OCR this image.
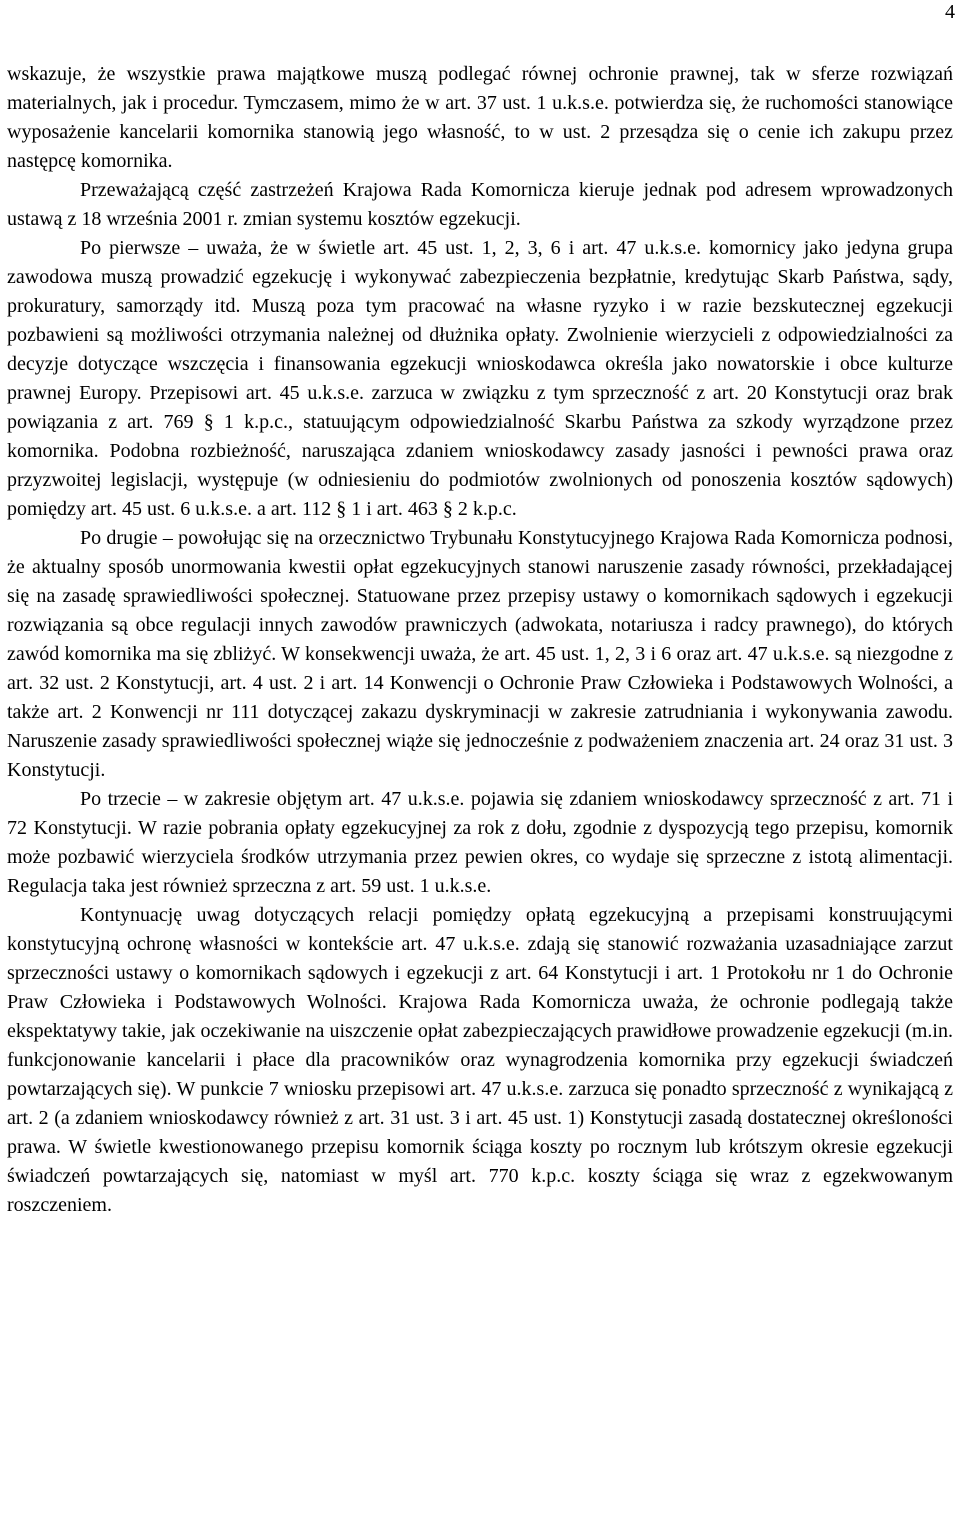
4

wskazuje, że wszystkie prawa majątkowe muszą podlegać równej ochronie prawnej, tak w sferze rozwiązań materialnych, jak i procedur. Tymczasem, mimo że w art. 37 ust. 1 u.k.s.e. potwierdza się, że ruchomości stanowiące wyposażenie kancelarii komornika stanowią jego własność, to w ust. 2 przesądza się o cenie ich zakupu przez następcę komornika.

Przeważającą część zastrzeżeń Krajowa Rada Komornicza kieruje jednak pod adresem wprowadzonych ustawą z 18 września 2001 r. zmian systemu kosztów egzekucji.

Po pierwsze – uważa, że w świetle art. 45 ust. 1, 2, 3, 6 i art. 47 u.k.s.e. komornicy jako jedyna grupa zawodowa muszą prowadzić egzekucję i wykonywać zabezpieczenia bezpłatnie, kredytując Skarb Państwa, sądy, prokuratury, samorządy itd. Muszą poza tym pracować na własne ryzyko i w razie bezskutecznej egzekucji pozbawieni są możliwości otrzymania należnej od dłużnika opłaty. Zwolnienie wierzycieli z odpowiedzialności za decyzje dotyczące wszczęcia i finansowania egzekucji wnioskodawca określa jako nowatorskie i obce kulturze prawnej Europy. Przepisowi art. 45 u.k.s.e. zarzuca w związku z tym sprzeczność z art. 20 Konstytucji oraz brak powiązania z art. 769 § 1 k.p.c., statuującym odpowiedzialność Skarbu Państwa za szkody wyrządzone przez komornika. Podobna rozbieżność, naruszająca zdaniem wnioskodawcy zasady jasności i pewności prawa oraz przyzwoitej legislacji, występuje (w odniesieniu do podmiotów zwolnionych od ponoszenia kosztów sądowych) pomiędzy art. 45 ust. 6 u.k.s.e. a art. 112 § 1 i art. 463 § 2 k.p.c.

Po drugie – powołując się na orzecznictwo Trybunału Konstytucyjnego Krajowa Rada Komornicza podnosi, że aktualny sposób unormowania kwestii opłat egzekucyjnych stanowi naruszenie zasady równości, przekładającej się na zasadę sprawiedliwości społecznej. Statuowane przez przepisy ustawy o komornikach sądowych i egzekucji rozwiązania są obce regulacji innych zawodów prawniczych (adwokata, notariusza i radcy prawnego), do których zawód komornika ma się zbliżyć. W konsekwencji uważa, że art. 45 ust. 1, 2, 3 i 6 oraz art. 47 u.k.s.e. są niezgodne z art. 32 ust. 2 Konstytucji, art. 4 ust. 2 i art. 14 Konwencji o Ochronie Praw Człowieka i Podstawowych Wolności, a także art. 2 Konwencji nr 111 dotyczącej zakazu dyskryminacji w zakresie zatrudniania i wykonywania zawodu. Naruszenie zasady sprawiedliwości społecznej wiąże się jednocześnie z podważeniem znaczenia art. 24 oraz 31 ust. 3 Konstytucji.

Po trzecie – w zakresie objętym art. 47 u.k.s.e. pojawia się zdaniem wnioskodawcy sprzeczność z art. 71 i 72 Konstytucji. W razie pobrania opłaty egzekucyjnej za rok z dołu, zgodnie z dyspozycją tego przepisu, komornik może pozbawić wierzyciela środków utrzymania przez pewien okres, co wydaje się sprzeczne z istotą alimentacji. Regulacja taka jest również sprzeczna z art. 59 ust. 1 u.k.s.e.

Kontynuację uwag dotyczących relacji pomiędzy opłatą egzekucyjną a przepisami konstruującymi konstytucyjną ochronę własności w kontekście art. 47 u.k.s.e. zdają się stanowić rozważania uzasadniające zarzut sprzeczności ustawy o komornikach sądowych i egzekucji z art. 64 Konstytucji i art. 1 Protokołu nr 1 do Ochronie Praw Człowieka i Podstawowych Wolności. Krajowa Rada Komornicza uważa, że ochronie podlegają także ekspektatywy takie, jak oczekiwanie na uiszczenie opłat zabezpieczających prawidłowe prowadzenie egzekucji (m.in. funkcjonowanie kancelarii i płace dla pracowników oraz wynagrodzenia komornika przy egzekucji świadczeń powtarzających się). W punkcie 7 wniosku przepisowi art. 47 u.k.s.e. zarzuca się ponadto sprzeczność z wynikającą z art. 2 (a zdaniem wnioskodawcy również z art. 31 ust. 3 i art. 45 ust. 1) Konstytucji zasadą dostatecznej określoności prawa. W świetle kwestionowanego przepisu komornik ściąga koszty po rocznym lub krótszym okresie egzekucji świadczeń powtarzających się, natomiast w myśl art. 770 k.p.c. koszty ściąga się wraz z egzekwowanym roszczeniem.
